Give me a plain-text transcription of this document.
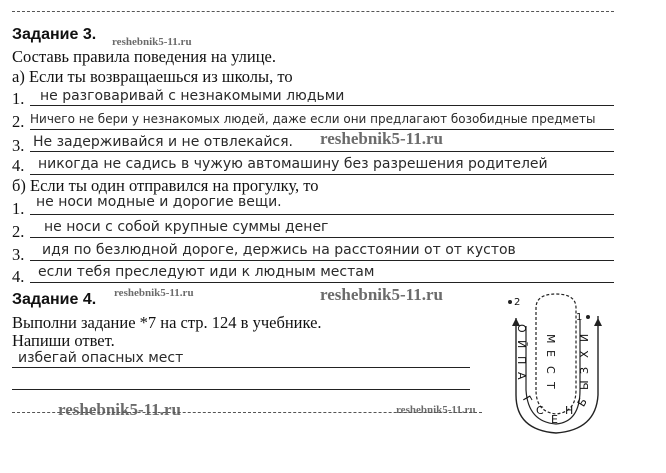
Задание 3. reshebnik5-11.ru
Составь правила поведения на улице.
а) Если ты возвращаешься из школы, то
1. не разговаривай с незнакомыми людьми
2. Ничего не бери у незнакомых людей, даже если они предлагают бозобидные предметы
3. Не задерживайся и не отвлекайся. reshebnik5-11.ru
4. никогда не садись в чужую автомашину без разрешения родителей
б) Если ты один отправился на прогулку, то
1. не носи модные и дорогие вещи.
2. не носи с собой крупные суммы денег
3. идя по безлюдной дороге, держись на расстоянии от от кустов
4. если тебя преследуют иди к людным местам
Задание 4. reshebnik5-11.ru	reshebnik5-11.ru
Выполни задание *7 на стр. 124 в учебнике.
Напиши ответ.
избегай опасных мест
reshebnik5-11.ru	reshebnik5-11.ru
2
1
О
Й
П
А
Г
М
Е
С
Т
И
Х
З
Ы
Б
С
Е
Н
